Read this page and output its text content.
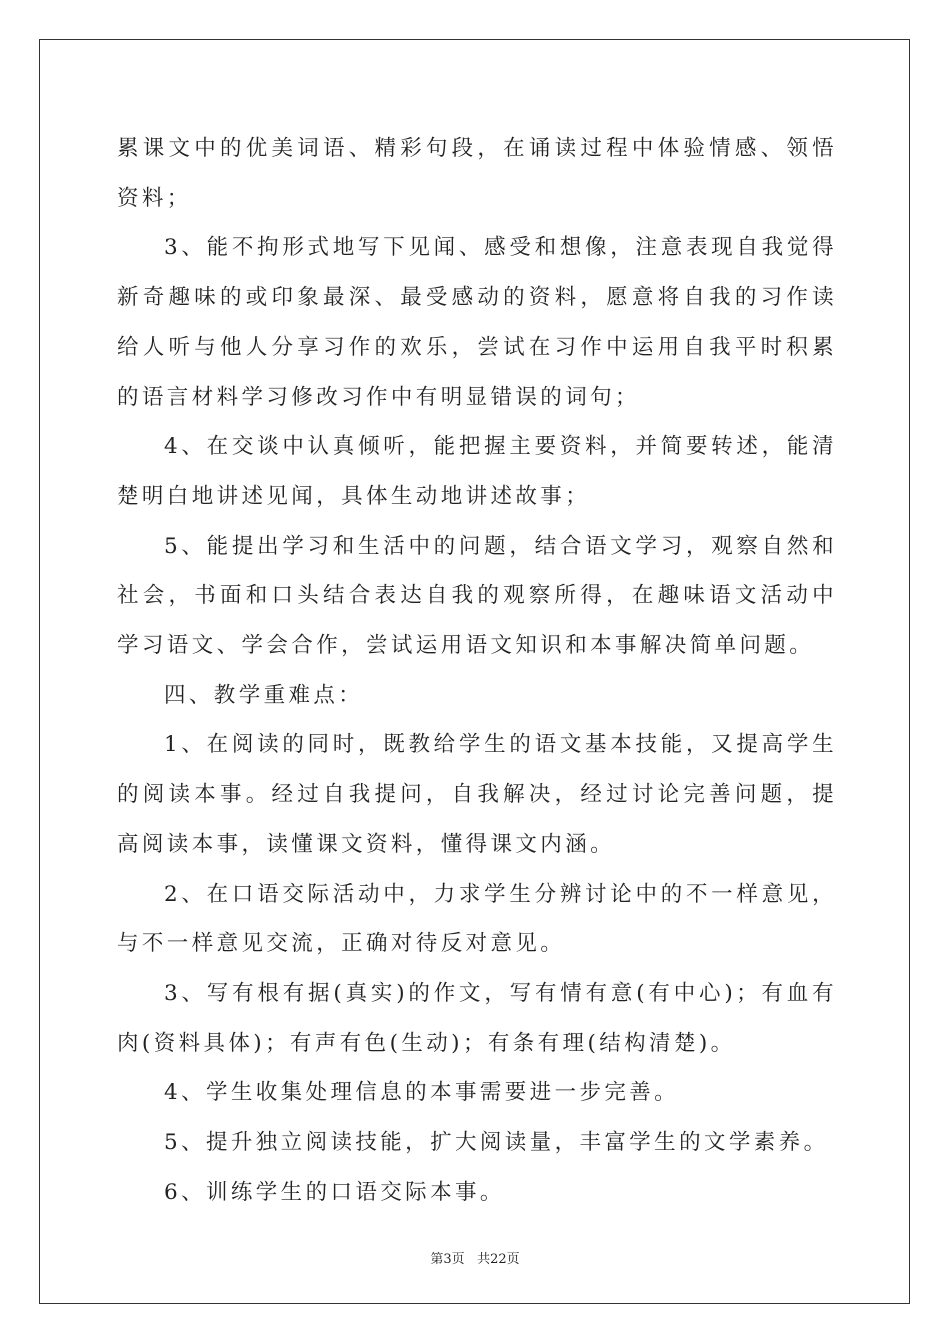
累课文中的优美词语、精彩句段，在诵读过程中体验情感、领悟资料；

3、能不拘形式地写下见闻、感受和想像，注意表现自我觉得新奇趣味的或印象最深、最受感动的资料，愿意将自我的习作读给人听与他人分享习作的欢乐，尝试在习作中运用自我平时积累的语言材料学习修改习作中有明显错误的词句；

4、在交谈中认真倾听，能把握主要资料，并简要转述，能清楚明白地讲述见闻，具体生动地讲述故事；

5、能提出学习和生活中的问题，结合语文学习，观察自然和社会，书面和口头结合表达自我的观察所得，在趣味语文活动中学习语文、学会合作，尝试运用语文知识和本事解决简单问题。

四、教学重难点：

1、在阅读的同时，既教给学生的语文基本技能，又提高学生的阅读本事。经过自我提问，自我解决，经过讨论完善问题，提高阅读本事，读懂课文资料，懂得课文内涵。

2、在口语交际活动中，力求学生分辨讨论中的不一样意见，与不一样意见交流，正确对待反对意见。

3、写有根有据(真实)的作文，写有情有意(有中心)；有血有肉(资料具体)；有声有色(生动)；有条有理(结构清楚)。

4、学生收集处理信息的本事需要进一步完善。

5、提升独立阅读技能，扩大阅读量，丰富学生的文学素养。

6、训练学生的口语交际本事。

第3页 共22页
